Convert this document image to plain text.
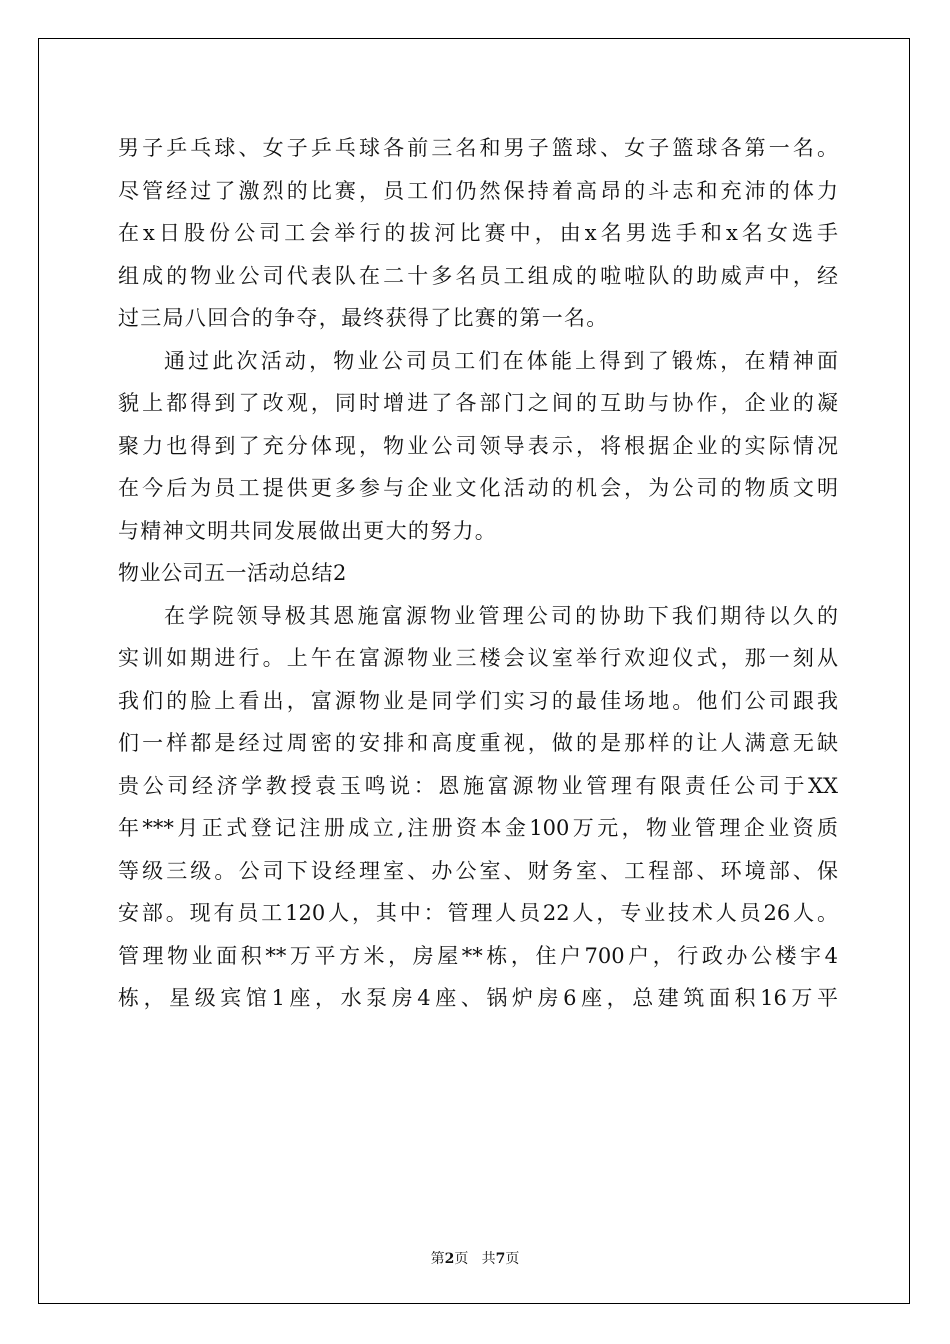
男子乒乓球、女子乒乓球各前三名和男子篮球、女子篮球各第一名。
尽管经过了激烈的比赛，员工们仍然保持着高昂的斗志和充沛的体力
在x日股份公司工会举行的拔河比赛中，由x名男选手和x名女选手
组成的物业公司代表队在二十多名员工组成的啦啦队的助威声中，经
过三局八回合的争夺，最终获得了比赛的第一名。
通过此次活动，物业公司员工们在体能上得到了锻炼，在精神面
貌上都得到了改观，同时增进了各部门之间的互助与协作，企业的凝
聚力也得到了充分体现，物业公司领导表示，将根据企业的实际情况
在今后为员工提供更多参与企业文化活动的机会，为公司的物质文明
与精神文明共同发展做出更大的努力。
物业公司五一活动总结2
在学院领导极其恩施富源物业管理公司的协助下我们期待以久的
实训如期进行。上午在富源物业三楼会议室举行欢迎仪式，那一刻从
我们的脸上看出，富源物业是同学们实习的最佳场地。他们公司跟我
们一样都是经过周密的安排和高度重视，做的是那样的让人满意无缺
贵公司经济学教授袁玉鸣说：恩施富源物业管理有限责任公司于XX
年***月正式登记注册成立,注册资本金100万元，物业管理企业资质
等级三级。公司下设经理室、办公室、财务室、工程部、环境部、保
安部。现有员工120人，其中：管理人员22人，专业技术人员26人。
管理物业面积**万平方米，房屋**栋，住户700户，行政办公楼宇4
栋，星级宾馆1座，水泵房4座、锅炉房6座，总建筑面积16万平
第2页 共7页
